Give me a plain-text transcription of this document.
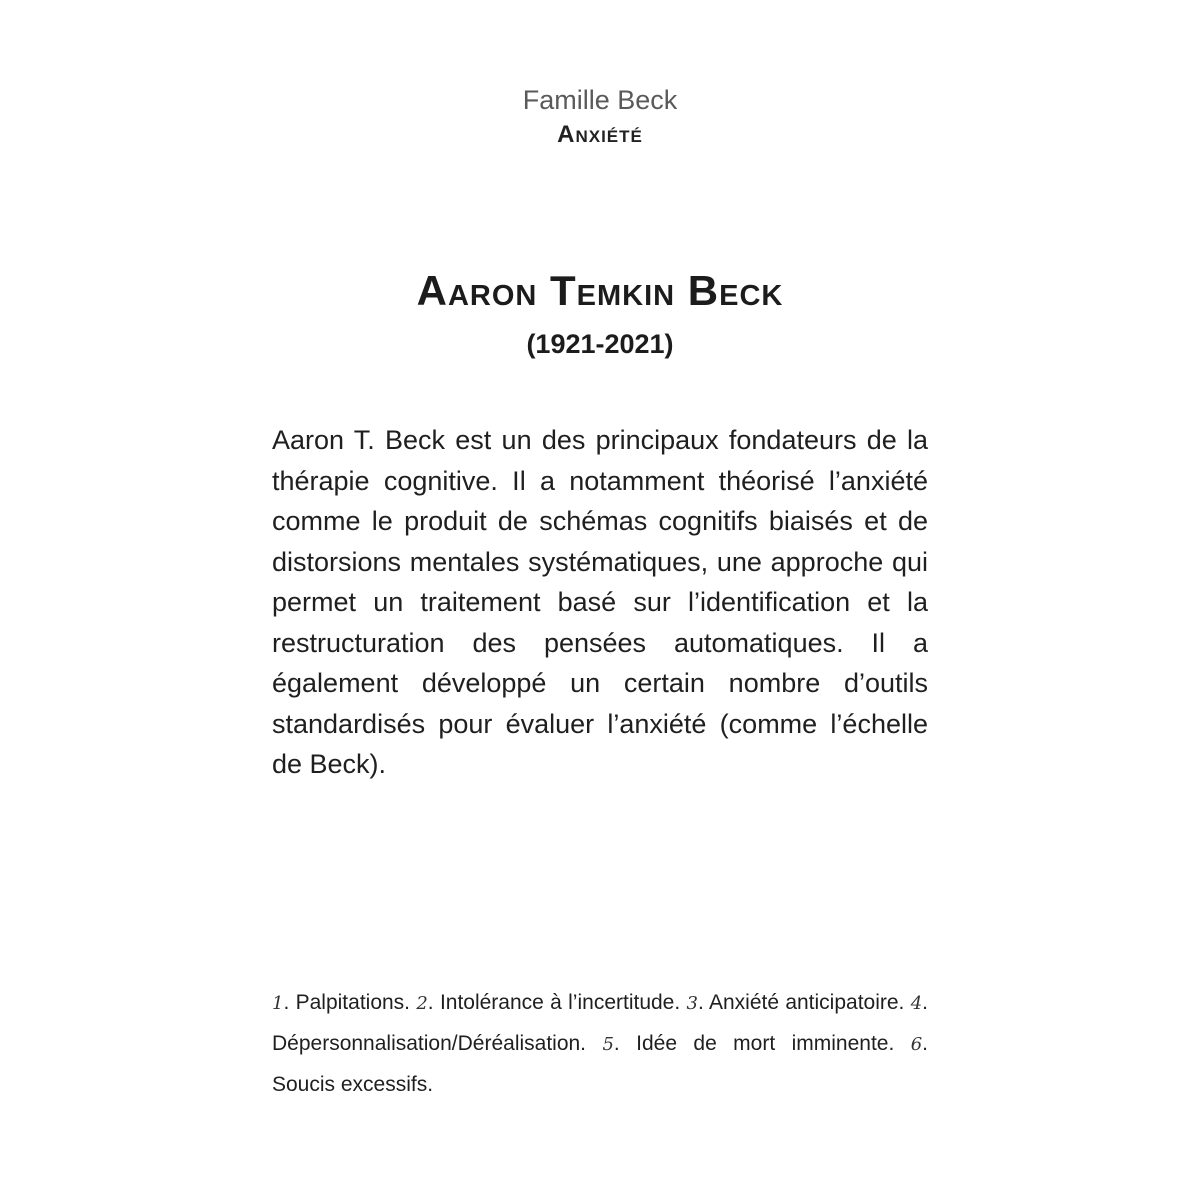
Famille Beck
Anxiété
Aaron Temkin Beck
(1921-2021)
Aaron T. Beck est un des principaux fondateurs de la thérapie cognitive. Il a notamment théorisé l’anxiété comme le produit de schémas cognitifs biaisés et de distorsions mentales systématiques, une approche qui permet un traitement basé sur l’identification et la restructuration des pensées automatiques. Il a également développé un certain nombre d’outils standardisés pour évaluer l’anxiété (comme l’échelle de Beck).
1. Palpitations. 2. Intolérance à l’incertitude. 3. Anxiété anticipatoire. 4. Dépersonnalisation/Déréalisation. 5. Idée de mort imminente. 6. Soucis excessifs.
